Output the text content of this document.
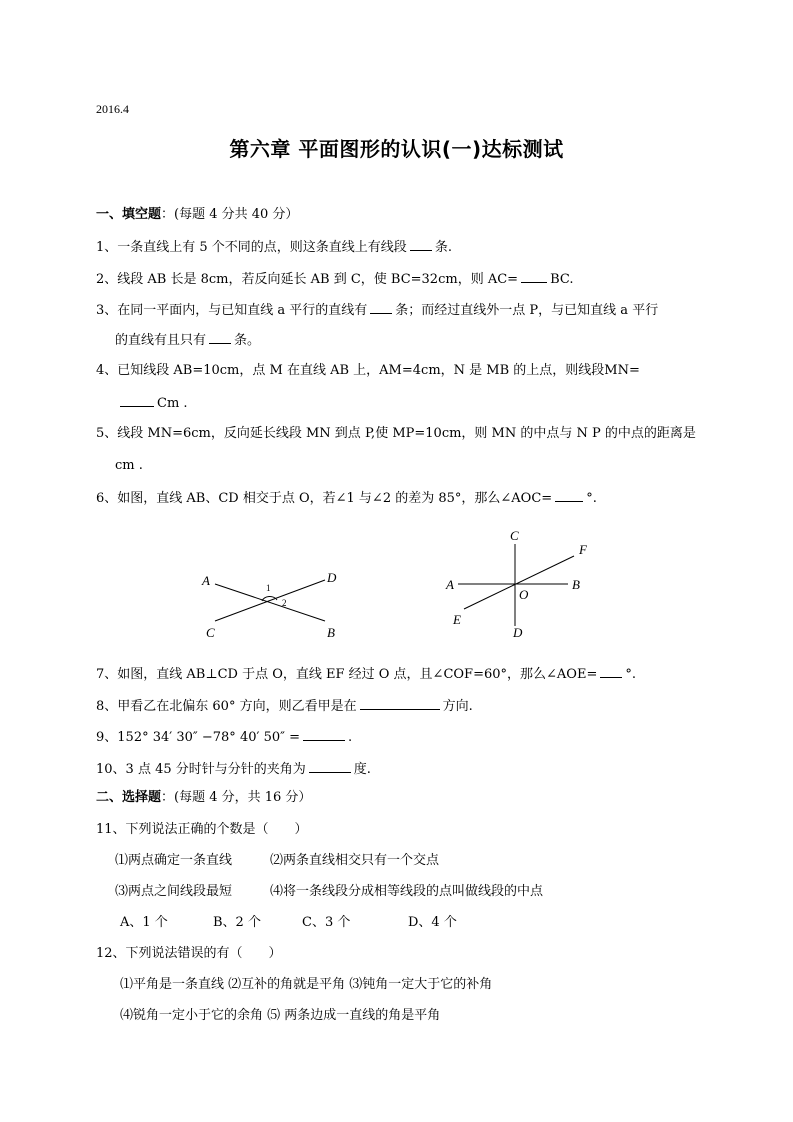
2016.4
第六章 平面图形的认识(一)达标测试
一、填空题：(每题 4 分共 40 分）
1、一条直线上有 5 个不同的点，则这条直线上有线段 条.
2、线段 AB 长是 8cm，若反向延长 AB 到 C，使 BC=32cm，则 AC= BC.
3、在同一平面内，与已知直线 a 平行的直线有 条；而经过直线外一点 P，与已知直线 a 平行
的直线有且只有 条。
4、已知线段 AB=10cm，点 M 在直线 AB 上，AM=4cm，N 是 MB 的上点，则线段MN=
Cm .
5、线段 MN=6cm，反向延长线段 MN 到点 P,使 MP=10cm，则 MN 的中点与 N P 的中点的距离是
cm .
6、如图，直线 AB、CD 相交于点 O，若∠1 与∠2 的差为 85°，那么∠AOC=	°.
A	D
C	B
1
2
C
F
A	B
O
E
D
7、如图，直线 AB⊥CD 于点 O，直线 EF 经过 O 点，且∠COF=60°，那么∠AOE= °.
8、甲看乙在北偏东 60° 方向，则乙看甲是在	方向.
9、152° 34′ 30″ −78° 40′ 50″ =	.
10、3 点 45 分时针与分针的夹角为	度.
二、选择题：(每题 4 分，共 16 分）
11、下列说法正确的个数是（　　）
⑴两点确定一条直线	⑵两条直线相交只有一个交点
⑶两点之间线段最短	⑷将一条线段分成相等线段的点叫做线段的中点
A、1 个	B、2 个	C、3 个	D、4 个
12、下列说法错误的有（　　）
⑴平角是一条直线 ⑵互补的角就是平角 ⑶钝角一定大于它的补角
⑷锐角一定小于它的余角 ⑸ 两条边成一直线的角是平角
